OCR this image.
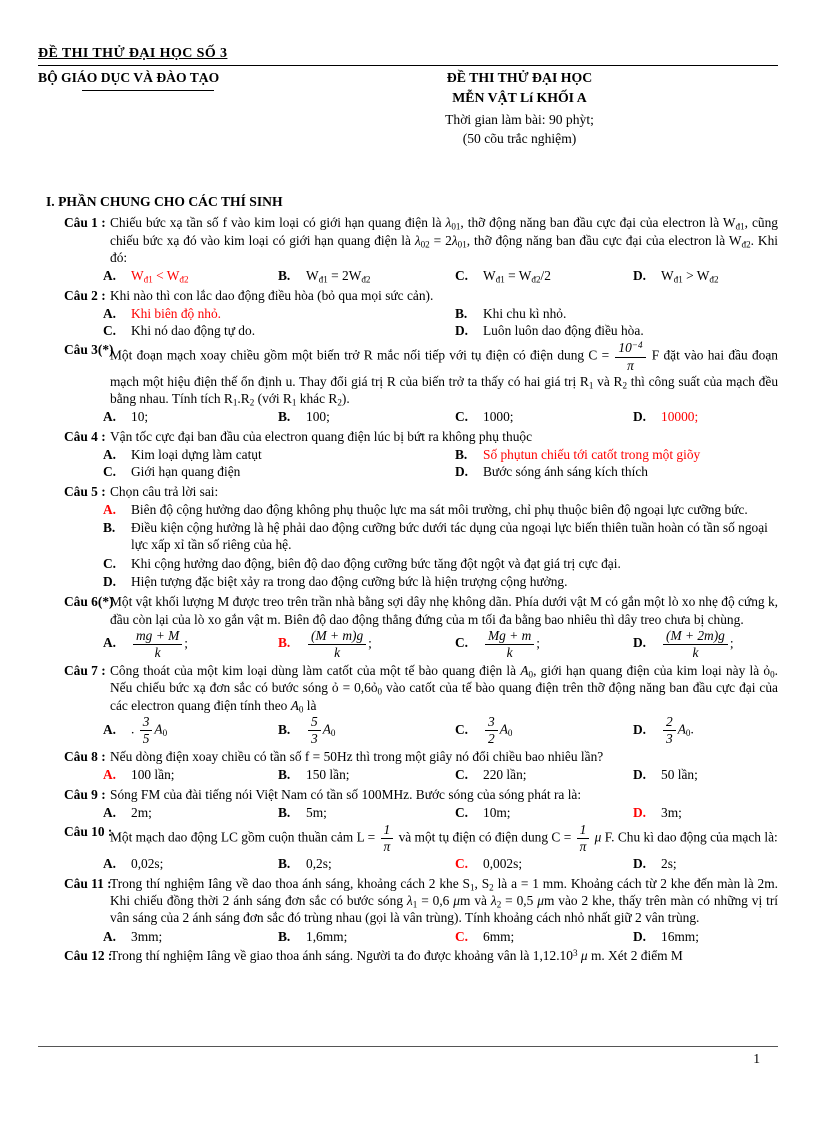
ĐỀ THI THỬ ĐẠI HỌC SỐ 3
BỘ GIÁO DỤC VÀ ĐÀO TẠO	ĐỀ THI THỬ ĐẠI HỌC
MỄN VẬT Lí KHỐI A
Thời gian làm bài: 90 phỳt;
(50 cõu trắc nghiệm)
I. PHẦN CHUNG CHO CÁC THÍ SINH
Câu 1 : Chiếu bức xạ tần số f vào kim loại có giới hạn quang điện là $\lambda_{01}$, thỡ động năng ban đầu cực đại của electron là $W_{đ1}$, cũng chiếu bức xạ đó vào kim loại có giới hạn quang điện là $\lambda_{02} = 2\lambda_{01}$, thỡ động năng ban đầu cực đại của electron là $W_{đ2}$. Khi đó:
A.	$W_{đ1} < W_{đ2}$	B.	$W_{đ1} = 2W_{đ2}$	C.	$W_{đ1} = W_{đ2}/2$	D.	$W_{đ1} > W_{đ2}$
Câu 2 : Khi nào thì con lắc dao động điều hòa (bỏ qua mọi sức cản).
A.	Khi biên độ nhỏ.	B.	Khi chu kì nhỏ.
C.	Khi nó dao động tự do.	D.	Luôn luôn dao động điều hòa.
Câu 3(*)
Một đoạn mạch xoay chiều gồm một biến trở R mắc nối tiếp với tụ điện có điện dung $C = \frac{10^{-4}}{\pi}$ F đặt vào hai đầu đoạn mạch một hiệu điện thế ổn định u. Thay đổi giá trị R của biến trở ta thấy có hai giá trị $R_1$ và $R_2$ thì công suất của mạch đều bằng nhau. Tính tích $R_1.R_2$ (với $R_1$ khác $R_2$).
A.	10;	B.	100;	C.	1000;	D.	10000;
Câu 4 : Vận tốc cực đại ban đầu của electron quang điện lúc bị bứt ra không phụ thuộc
A.	Kim loại dựng làm catụt	B.	Số phụtun chiếu tới catốt trong một giõy
C.	Giới hạn quang điện	D.	Bước sóng ánh sáng kích thích
Câu 5 : Chọn câu trả lời sai:
A.	Biên độ cộng hưởng dao động không phụ thuộc lực ma sát môi trường, chỉ phụ thuộc biên độ ngoại lực cưỡng bức.
B.	Điều kiện cộng hưởng là hệ phải dao động cưỡng bức dưới tác dụng của ngoại lực biến thiên tuần hoàn có tần số ngoại lực xấp xỉ tần số riêng của hệ.
C.	Khi cộng hưởng dao động, biên độ dao động cưỡng bức tăng đột ngột và đạt giá trị cực đại.
D.	Hiện tượng đặc biệt xảy ra trong dao động cưỡng bức là hiện trượng cộng hưởng.
Câu 6(*)
Một vật khối lượng M được treo trên trần nhà bằng sợi dây nhẹ không dãn. Phía dưới vật M có gắn một lò xo nhẹ độ cứng k, đầu còn lại của lò xo gắn vật m. Biên độ dao động thẳng đứng của m tối đa bằng bao nhiêu thì dây treo chưa bị chùng.
A.	$\frac{mg + M}{k}$ ;	B.	$\frac{(M + m)g}{k}$ ;	C.	$\frac{Mg + m}{k}$ ;	D.	$\frac{(M + 2m)g}{k}$ ;
Câu 7 : Công thoát của một kim loại dùng làm catốt của một tế bào quang điện là $A_0$, giới hạn quang điện của kim loại này là ỏ$_0$. Nếu chiếu bức xạ đơn sắc có bước sóng ỏ = 0,6ỏ$_0$ vào catốt của tế bào quang điện trên thỡ động năng ban đầu cực đại của các electron quang điện tính theo $A_0$ là
A.	. $\frac{3}{5} A_0$	B.	$\frac{5}{3} A_0$	C.	$\frac{3}{2} A_0$	D.	$\frac{2}{3} A_0$.
Câu 8 : Nếu dòng điện xoay chiều có tần số f = 50Hz thì trong một giây nó đổi chiều bao nhiêu lần?
A.	100 lần;	B.	150 lần;	C.	220 lần;	D.	50 lần;
Câu 9 : Sóng FM của đài tiếng nói Việt Nam có tần số 100MHz. Bước sóng của sóng phát ra là:
A.	2m;	B.	5m;	C.	10m;	D.	3m;
Câu 10 :
Một mạch dao động LC gồm cuộn thuần cảm $L = \frac{1}{\pi}$ và một tụ điện có điện dung $C = \frac{1}{\pi}$ μ F. Chu kì dao động của mạch là:
A.	0,02s;	B.	0,2s;	C.	0,002s;	D.	2s;
Câu 11 :
Trong thí nghiệm Iâng về dao thoa ánh sáng, khoảng cách 2 khe $S_1$, $S_2$ là a = 1 mm. Khoảng cách từ 2 khe đến màn là 2m. Khi chiếu đồng thời 2 ánh sáng đơn sắc có bước sóng $\lambda_1 = 0,6$ μm và $\lambda_2 = 0,5$ μm vào 2 khe, thấy trên màn có những vị trí vân sáng của 2 ánh sáng đơn sắc đó trùng nhau (gọi là vân trùng). Tính khoảng cách nhỏ nhất giữ 2 vân trùng.
A.	3mm;	B.	1,6mm;	C.	6mm;	D.	16mm;
Câu 12 :
Trong thí nghiệm Iâng về giao thoa ánh sáng. Người ta đo được khoảng vân là 1,12.10$^3$ μ m. Xét 2 điểm M
1
